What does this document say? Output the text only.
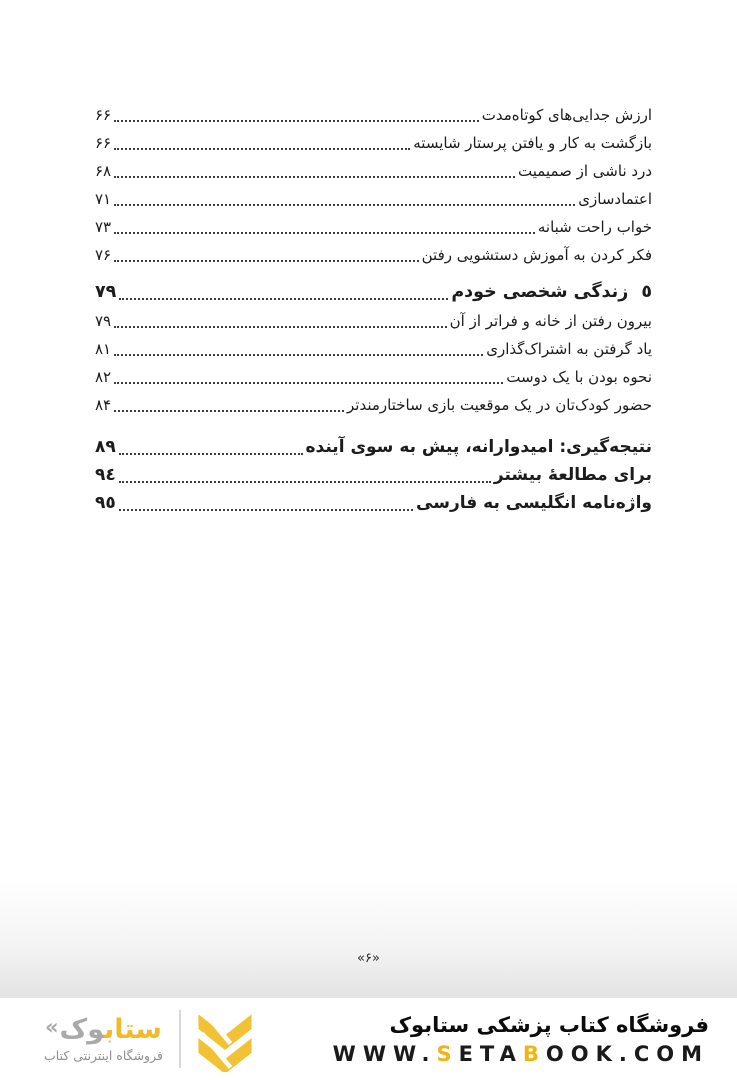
ارزش جدایی‌های کوتاه‌مدت
۶۶
بازگشت به کار و یافتن پرستار شایسته
۶۶
درد ناشی از صمیمیت
۶۸
اعتمادسازی
۷۱
خواب راحت شبانه
۷۳
فکر کردن به آموزش دستشویی رفتن
۷۶
٥
زندگی شخصی خودم
۷۹
بیرون رفتن از خانه و فراتر از آن
۷۹
یاد گرفتن به اشتراک‌گذاری
۸۱
نحوه بودن با یک دوست
۸۲
حضور کودک‌تان در یک موقعیت بازی ساختارمندتر
۸۴
نتیجه‌گیری: امیدوارانه، پیش به سوی آینده
۸۹
برای مطالعهٔ بیشتر
٩٤
واژه‌نامه انگلیسی به فارسی
٩٥
«۶»
« ستابوک
فروشگاه اینترنتی کتاب
فروشگاه کتاب پزشکی ستابوک
WWW.SETABOOK.COM
